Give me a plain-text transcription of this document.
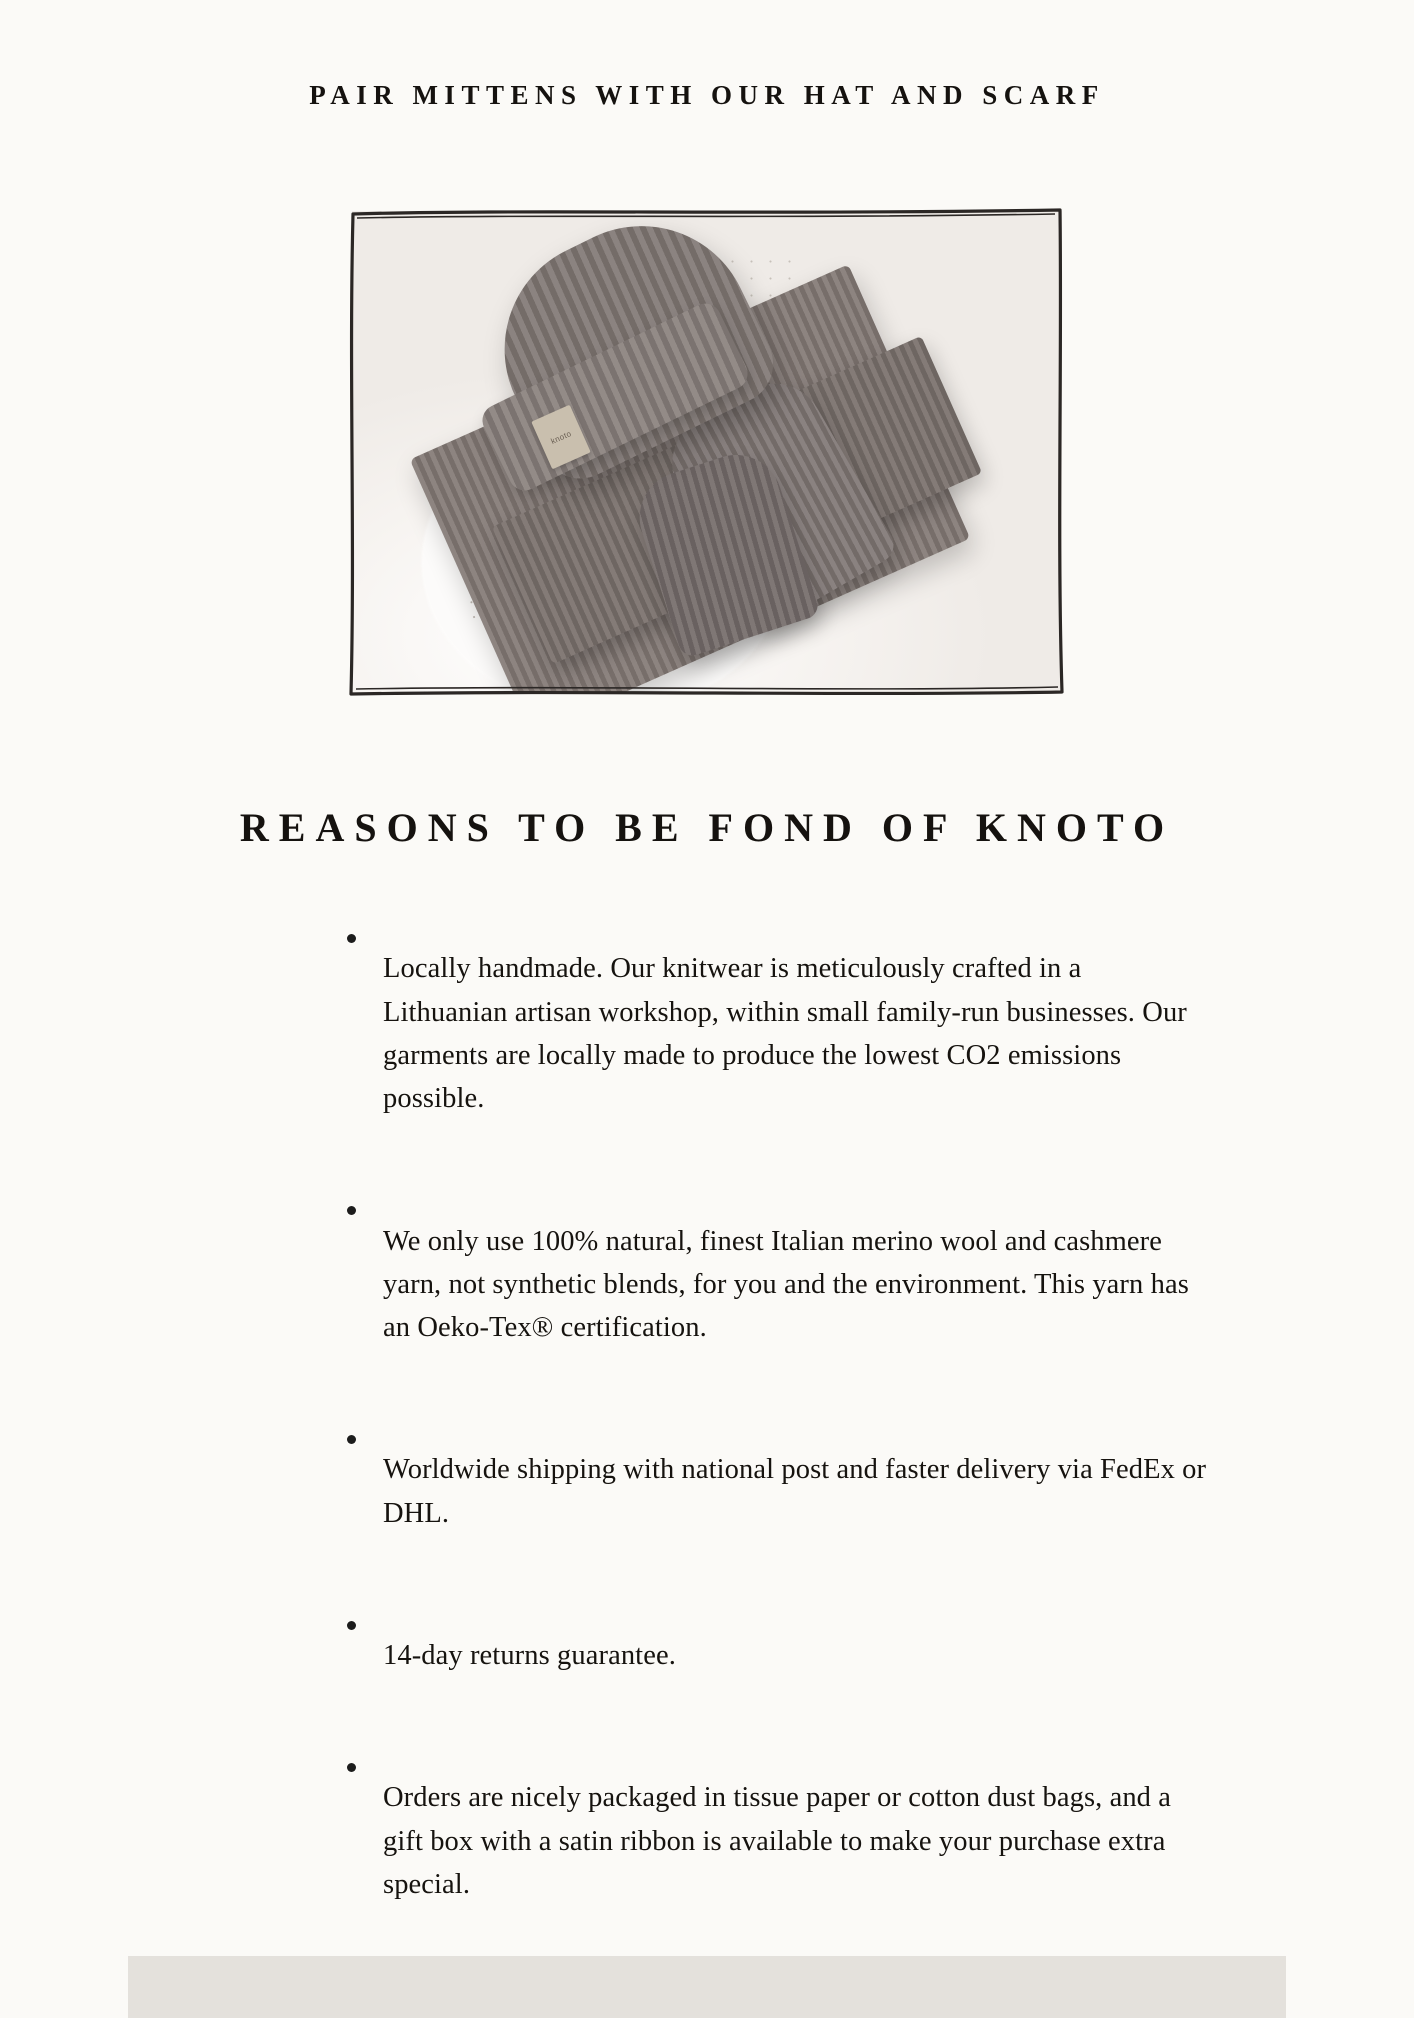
PAIR MITTENS WITH OUR HAT AND SCARF
knoto
REASONS TO BE FOND OF KNOTO

Locally handmade. Our knitwear is meticulously crafted in a Lithuanian artisan workshop, within small family-run businesses. Our garments are locally made to produce the lowest CO2 emissions possible.

We only use 100% natural, finest Italian merino wool and cashmere yarn, not synthetic blends, for you and the environment. This yarn has an Oeko-Tex® certification.

Worldwide shipping with national post and faster delivery via FedEx or DHL.

14-day returns guarantee.

Orders are nicely packaged in tissue paper or cotton dust bags, and a gift box with a satin ribbon is available to make your purchase extra special.
